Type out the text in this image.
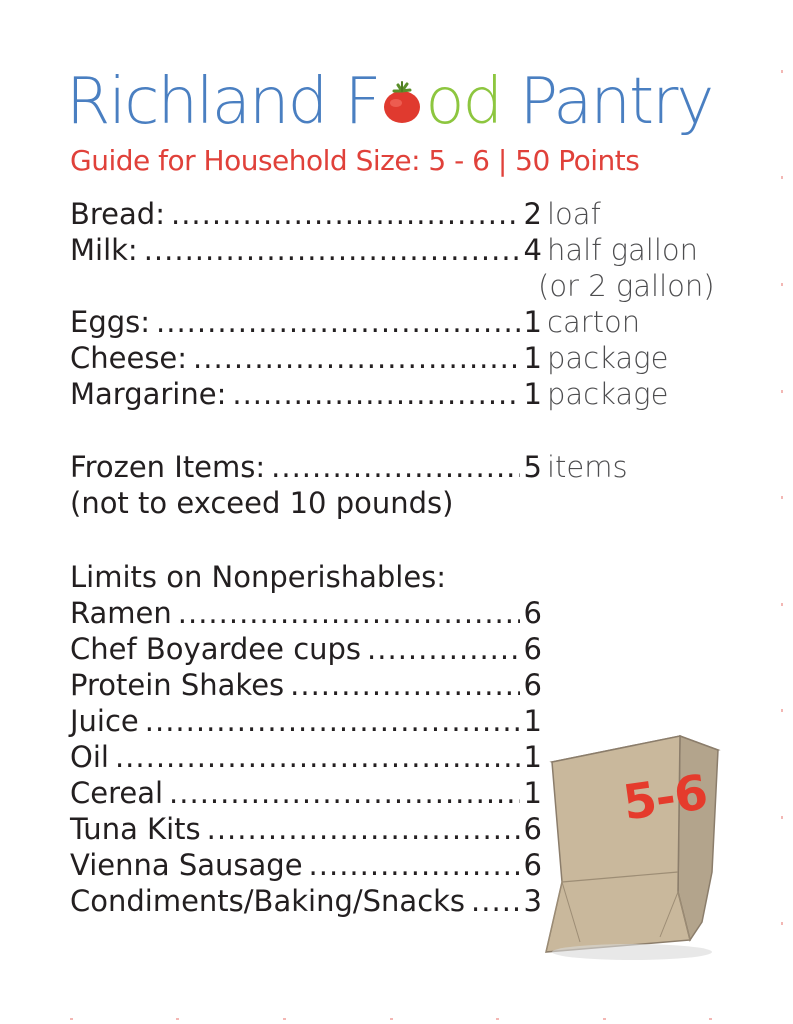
Richland F od Pantry

Guide for Household Size: 5 - 6 | 50 Points

Bread: .....	2 loaf
Milk: .....	4 half gallon
(or 2 gallon)
Eggs: .....	1 carton
Cheese: .....	1 package
Margarine: .....	1 package
Frozen Items: .....	5 items

(not to exceed 10 pounds)

Limits on Nonperishables:

Ramen .....	6
Chef Boyardee cups .....	6
Protein Shakes .....	6
Juice .....	1
Oil .....	1
Cereal .....	1
Tuna Kits .....	6
Vienna Sausage .....	6
Condiments/Baking/Snacks ..... 3
5-6
